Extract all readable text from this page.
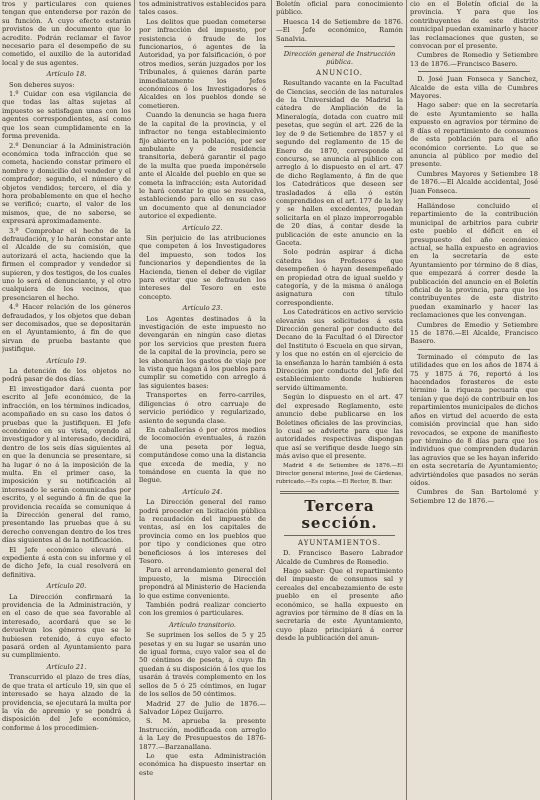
tros y particulares con quienes tengan que entenderse por razón de su función. A cuyo efecto estarán provistos de un documento que lo acredite. Podrán reclamar el favor necesario para el desempeño de su cometido, el auxilio de la autoridad local y de sus agentes.

Artículo 18.

Son deberes suyos:

1.º Cuidar con esa vigilancia de que todas las altas sujetas al impuesto se satisfagan unas con los agentes correspondientes, así como que los sean cumplidamente en la forma prevenida.

2.º Denunciar á la Administración económica toda infracción que se cometa, haciendo constar primero el nombre y domicilio del vendedor y el comprador; segundo, el número de objetos vendidos; tercero, el día y hora probablemente en que el hecho se verificó; cuarto, el valor de los mismos, que, de no saberse, se expresará aproximadamente.

3.º Comprobar el hecho de la defraudación, y lo harán constar ante el Alcalde de su comisión, que autorizará el acta, haciendo que la firmen el comprador y vendedor si supieren, y dos testigos, de los cuales uno lo será el denunciante, y el otro cualquiera de los vecinos, que presenciaren el hecho.

4.º Hacer relación de los géneros defraudados, y los objetos que deban ser decomisados, que se depositarán en el Ayuntamiento, á fin de que sirvan de prueba bastante que justifique.

Artículo 19.

La detención de los objetos no podrá pasar de dos días.

El investigador dará cuenta por escrito al Jefe económico, de la infracción, en los términos indicados, acompañado en su caso los datos ó pruebas que la justifiquen. El Jefe económico en su vista, oyendo al investigador y al interesado, decidirá, dentro de los seis días siguientes al en que la denuncia se presentare, si ha lugar ó no á la imposición de la multa. En el primer caso, la imposición y su notificación al interesado le serán comunicadas por escrito, y el segundo á fin de que la providencia recaída se comunique á la Dirección general del ramo, presentando las pruebas que á su derecho convengan dentro de los tres días siguientes al de la notificación.

El Jefe económico elevará el expediente á esta con su informe y el de dicho Jefe, la cual resolverá en definitiva.

Artículo 20.

La Dirección confirmará la providencia de la Administración, y en el caso de que sea favorable al interesado, acordará que se le devuelvan los géneros que se le hubiesen retenido, á cuyo efecto pasará orden al Ayuntamiento para su cumplimiento.

Artículo 21.

Transcurrido el plazo de tres días, de que trata el artículo 19, sin que el interesado se haya alzado de la providencia, se ejecutará la multa por la vía de apremio y se pondrá á disposición del Jefe económico, conforme á los procedimien-

tos administrativos establecidos para tales casos.

Los delitos que puedan cometerse por infracción del impuesto, por resistencia ó fraude de los funcionarios, ó agentes de la Autoridad, ya por falsificación, ó por otros medios, serán juzgados por los Tribunales, á quienes darán parte inmediatamente los Jefes económicos ó los Investigadores ó Alcaldes en los pueblos donde se cometieren.

Cuando la denuncia se haga fuera de la capital de la provincia, y el infractor no tenga establecimiento fijo abierto en la población, por ser ambulante y de residencia transitoria, deberá garantir el pago de la multa que pueda imponérsele ante el Alcalde del pueblo en que se cometa la infracción; esta Autoridad le hará constar lo que se resuelva, estableciendo para ello en su caso un documento que al denunciador autorice el expediente.

Artículo 22.

Sin perjuicio de las atribuciones que competen á los Investigadores del impuesto, son todos los funcionarios y dependientes de la Hacienda, tienen el deber de vigilar para evitar que se defrauden los intereses del Tesoro en este concepto.

Artículo 23.

Los Agentes destinados á la investigación de este impuesto no devengarán en ningún caso dietas por los servicios que presten fuera de la capital de la provincia, pero se les abonarán los gastos de viaje por la vista que hagan á los pueblos para cumplir su cometido con arreglo á las siguientes bases:

Transportes en ferro-carriles, diligencias ó otro carruaje de servicio periódico y regularizado, asiento de segunda clase.

En caballerías ó por otros medios de locomoción eventuales, á razón de una peseta por legua, computándose como una la distancia que exceda de media, y no tomándose en cuenta la que no llegue.

Artículo 24.

La Dirección general del ramo podrá proceder en licitación pública la recaudación del impuesto de ventas, así en los capitales de provincia como en los pueblos que por tipo y condiciones que otro beneficiosos á los intereses del Tesoro.

Para el arrendamiento general del impuesto, la misma Dirección propondrá al Ministerio de Hacienda lo que estime conveniente.

También podrá realizar concierto con los gremios ó particulares.

Artículo transitorio.

Se suprimen los sellos de 5 y 25 pesetas y en su lugar se usarán uno de igual forma, cuyo valor sea el de 50 céntimos de peseta, á cuyo fin quedan á su disposición á los que los usarán á través complemento en los sellos de 5 ó 25 céntimos, en lugar de los sellos de 50 céntimos.

Madrid 27 de Julio de 1876.—Salvador López Guijarro.

S. M. aprueba la presente Instrucción, modificada con arreglo á la Ley de Presupuestos de 1876-1877.—Barzanallana.

Lo que esta Administración económica ha dispuesto insertar en este

Boletín oficial para conocimiento público.

Huesca 14 de Setiembre de 1876.—El Jefe económico, Ramón Sanalvia.

Dirección general de Instrucción pública.

ANUNCIO.

Resultando vacante en la Facultad de Ciencias, sección de las naturales de la Universidad de Madrid la cátedra de Ampliación de la Mineralogía, dotada con cuatro mil pesetas, que según el art. 226 de la ley de 9 de Setiembre de 1857 y el segundo del reglamento de 15 de Enero de 1870, corresponde al concurso, se anuncia al público con arreglo á lo dispuesto en el art. 47 de dicho Reglamento, á fin de que los Catedráticos que deseen ser trasladados á ella ó estén comprendidos en el art. 177 de la ley y se hallen excedentes, puedan solicitarla en el plazo improrrogable de 20 días, á contar desde la publicación de este anuncio en la Gaceta.

Solo podrán aspirar á dicha cátedra los Profesores que desempeñen ó hayan desempeñado en propiedad otra de igual sueldo y categoría, y de la misma ó análoga asignatura con título correspondiente.

Los Catedráticos en activo servicio elevarán sus solicitudes á esta Dirección general por conducto del Decano de la Facultad ó el Director del Instituto ó Escuela en que sirvan, y los que no estén en el ejercicio de la enseñanza lo harán también á esta Dirección por conducto del Jefe del establecimiento donde hubieren servido últimamente.

Según lo dispuesto en el art. 47 del expresado Reglamento, este anuncio debe publicarse en los Boletines oficiales de las provincias, lo cual se advierte para que las autoridades respectivas dispongan que así se verifique desde luego sin más aviso que el presente.

Madrid 4 de Setiembre de 1876.—El Director general interino, José de Cárdenas, rubricado.—Es copia.—El Rector, B. Ibar.

Tercera sección.

AYUNTAMIENTOS.

D. Francisco Basero Labrador Alcalde de Cumbres de Romedio.

Hago saber: Que el repartimiento del impuesto de consumos sal y cereales del encabezamiento de este pueblo en el presente año económico, se halla expuesto en agravios por término de 8 días en la secretaría de este Ayuntamiento, cuyo plazo principiará á correr desde la publicación del anun-

cio en el Boletín oficial de la provincia. Y para que los contribuyentes de este distrito municipal puedan examinarlo y hacer las reclamaciones que gusten, se convocan por el presente.

Cumbres de Romedio y Setiembre 13 de 1876.—Francisco Basero.

D. José Juan Fonseca y Sanchez, Alcalde de esta villa de Cumbres Mayores.

Hago saber: que en la secretaría de este Ayuntamiento se halla expuesto en agravios por término de 8 días el repartimiento de consumos de esta población para el año económico corriente. Lo que se anuncia al público por medio del presente.

Cumbres Mayores y Setiembre 18 de 1876.—El Alcalde accidental, José Juan Fonseca.

Hallándose concluido el repartimiento de la contribución municipal de arbitrios para cubrir este pueblo el déficit en el presupuesto del año económico actual, se halla expuesto en agravios en la secretaría de este Ayuntamiento por término de 8 días, que empezará á correr desde la publicación del anuncio en el Boletín oficial de la provincia, para que los contribuyentes de este distrito puedan examinarlo y hacer las reclamaciones que les convengan.

Cumbres de Emedio y Setiembre 15 de 1876.—El Alcalde, Francisco Basero.

Terminado el cómputo de las utilidades que en los años de 1874 á 75 y 1875 á 76, reportó á los hacendados forasteros de este término la riqueza pecuaria que tenían y que dejó de contribuir en los repartimientos municipales de dichos años en virtud del acuerdo de esta comisión provincial que han sido revocados, se expone de manifiesto por término de 8 días para que los individuos que comprenden dudarán las agravios que se les hayan inferido en esta secretaría de Ayuntamiento; advirtiéndoles que pasados no serán oídos.

Cumbres de San Bartolomé y Setiembre 12 de 1876.—
